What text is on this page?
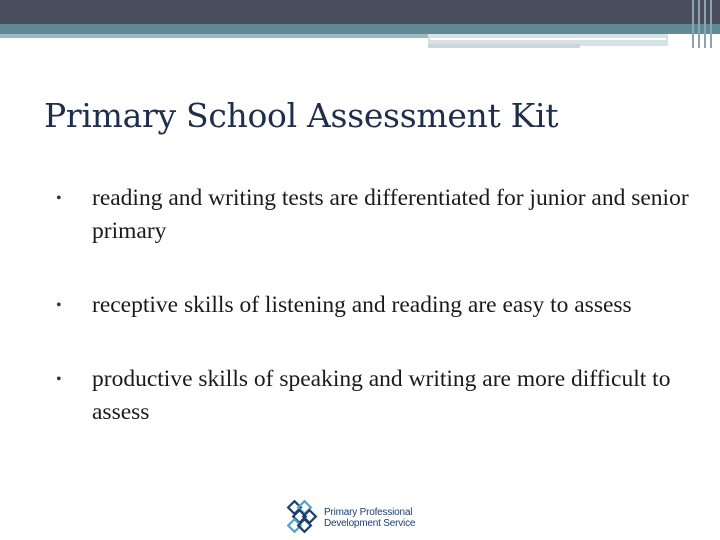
Primary School Assessment Kit
• reading and writing tests are differentiated for junior and senior primary
• receptive skills of listening and reading are easy to assess
• productive skills of speaking and writing are more difficult to assess
Primary Professional
Development Service
